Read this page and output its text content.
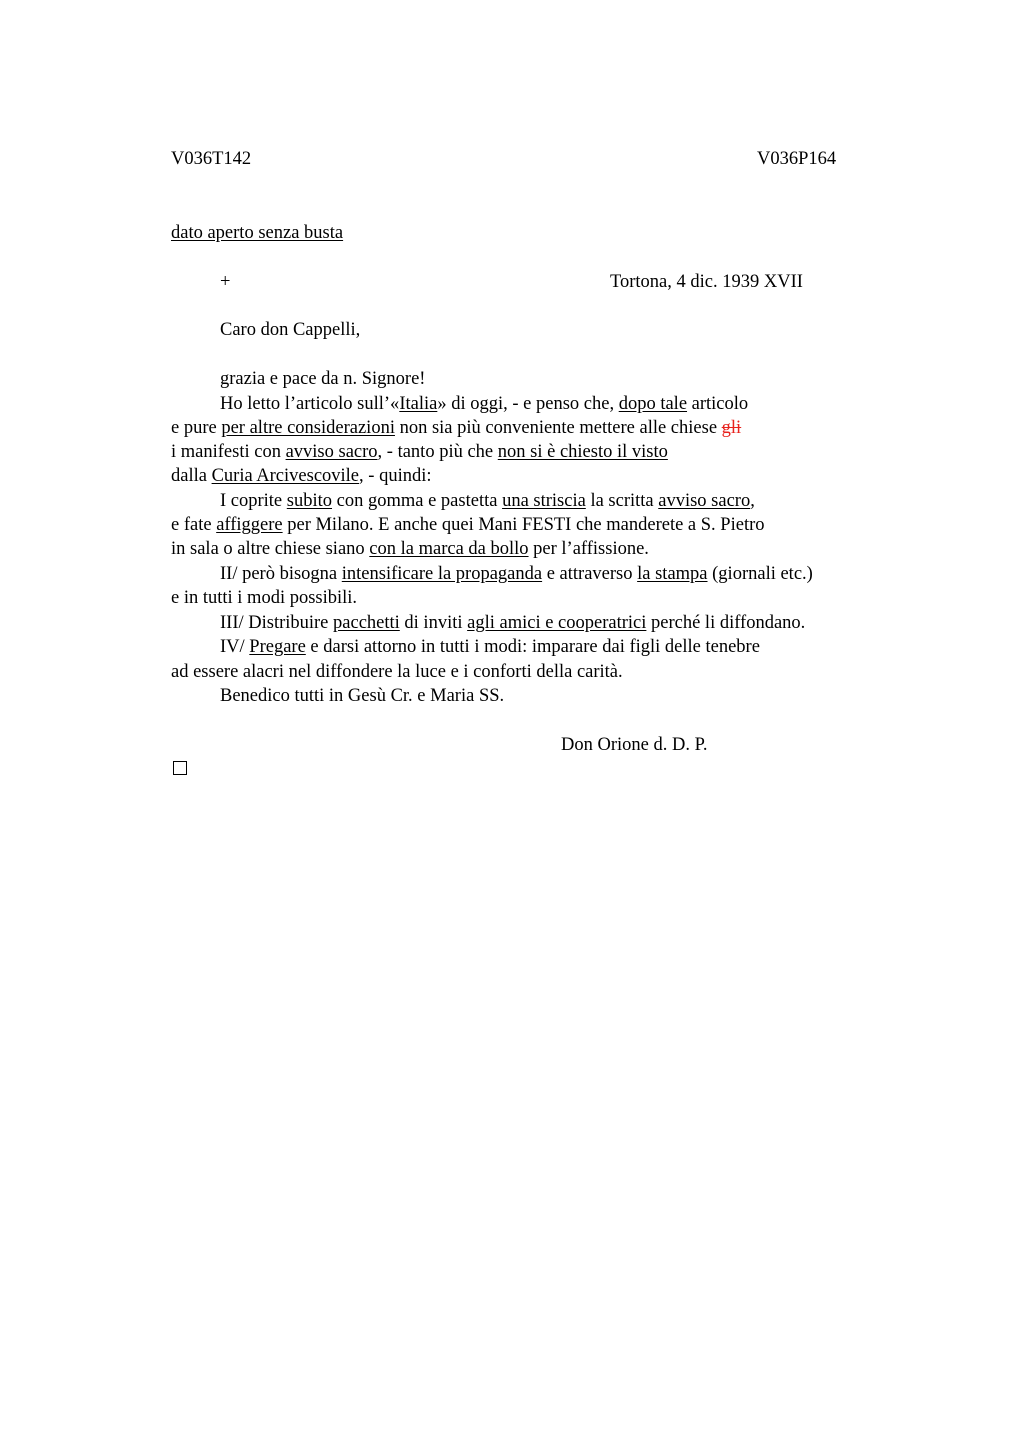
V036T142	V036P164
dato aperto senza busta
+	Tortona, 4 dic. 1939 XVII
Caro don Cappelli,
grazia e pace da n. Signore!
Ho letto l’articolo sull’«Italia» di oggi, - e penso che, dopo tale articolo
e pure per altre considerazioni non sia più conveniente mettere alle chiese gli
i manifesti con avviso sacro, - tanto più che non si è chiesto il visto
dalla Curia Arcivescovile, - quindi:
I coprite subito con gomma e pastetta una striscia la scritta avviso sacro,
e fate affiggere per Milano. E anche quei Mani FESTI che manderete a S. Pietro
in sala o altre chiese siano con la marca da bollo per l’affissione.
II/ però bisogna intensificare la propaganda e attraverso la stampa (giornali etc.)
e in tutti i modi possibili.
III/ Distribuire pacchetti di inviti agli amici e cooperatrici perché li diffondano.
IV/ Pregare e darsi attorno in tutti i modi: imparare dai figli delle tenebre
ad essere alacri nel diffondere la luce e i conforti della carità.
Benedico tutti in Gesù Cr. e Maria SS.
Don Orione d. D. P.
